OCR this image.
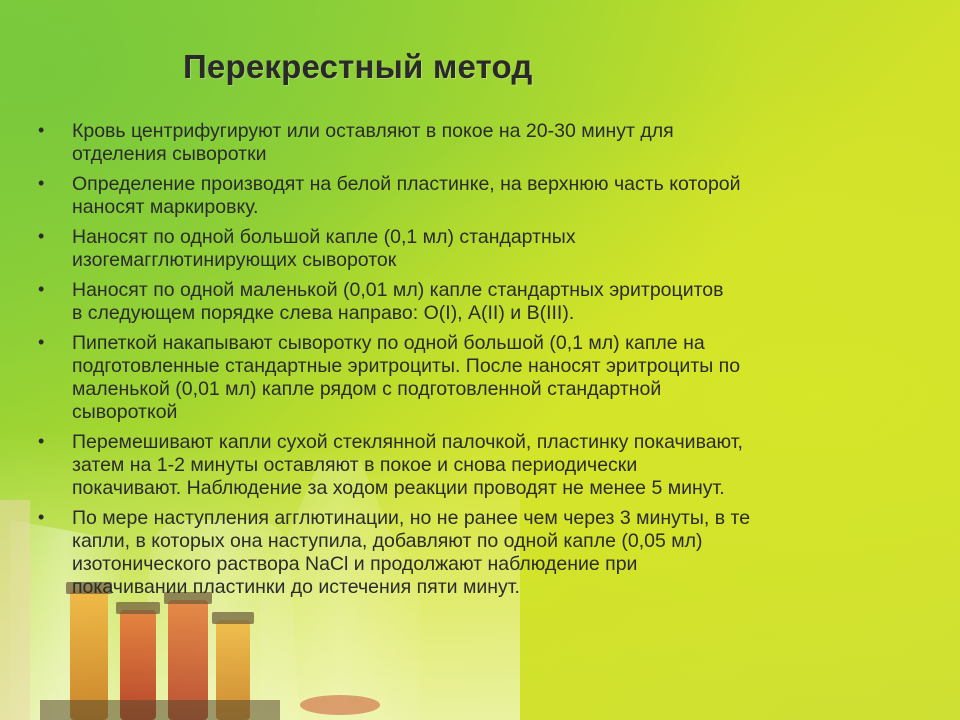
Перекрестный метод
• Кровь центрифугируют или оставляют в покое на 20-30 минут для
отделения сыворотки
• Определение производят на белой пластинке, на верхнюю часть которой
наносят маркировку.
• Наносят по одной большой капле (0,1 мл) стандартных
изогемагглютинирующих сывороток
• Наносят по одной маленькой (0,01 мл) капле стандартных эритроцитов
в следующем порядке слева направо: О(I), А(II) и В(III).
• Пипеткой накапывают сыворотку по одной большой (0,1 мл) капле на
подготовленные стандартные эритроциты. После наносят эритроциты по
маленькой (0,01 мл) капле рядом с подготовленной стандартной
сывороткой
• Перемешивают капли сухой стеклянной палочкой, пластинку покачивают,
затем на 1-2 минуты оставляют в покое и снова периодически
покачивают. Наблюдение за ходом реакции проводят не менее 5 минут.
• По мере наступления агглютинации, но не ранее чем через 3 минуты, в те
капли, в которых она наступила, добавляют по одной капле (0,05 мл)
изотонического раствора NaCl и продолжают наблюдение при
покачивании пластинки до истечения пяти минут.
